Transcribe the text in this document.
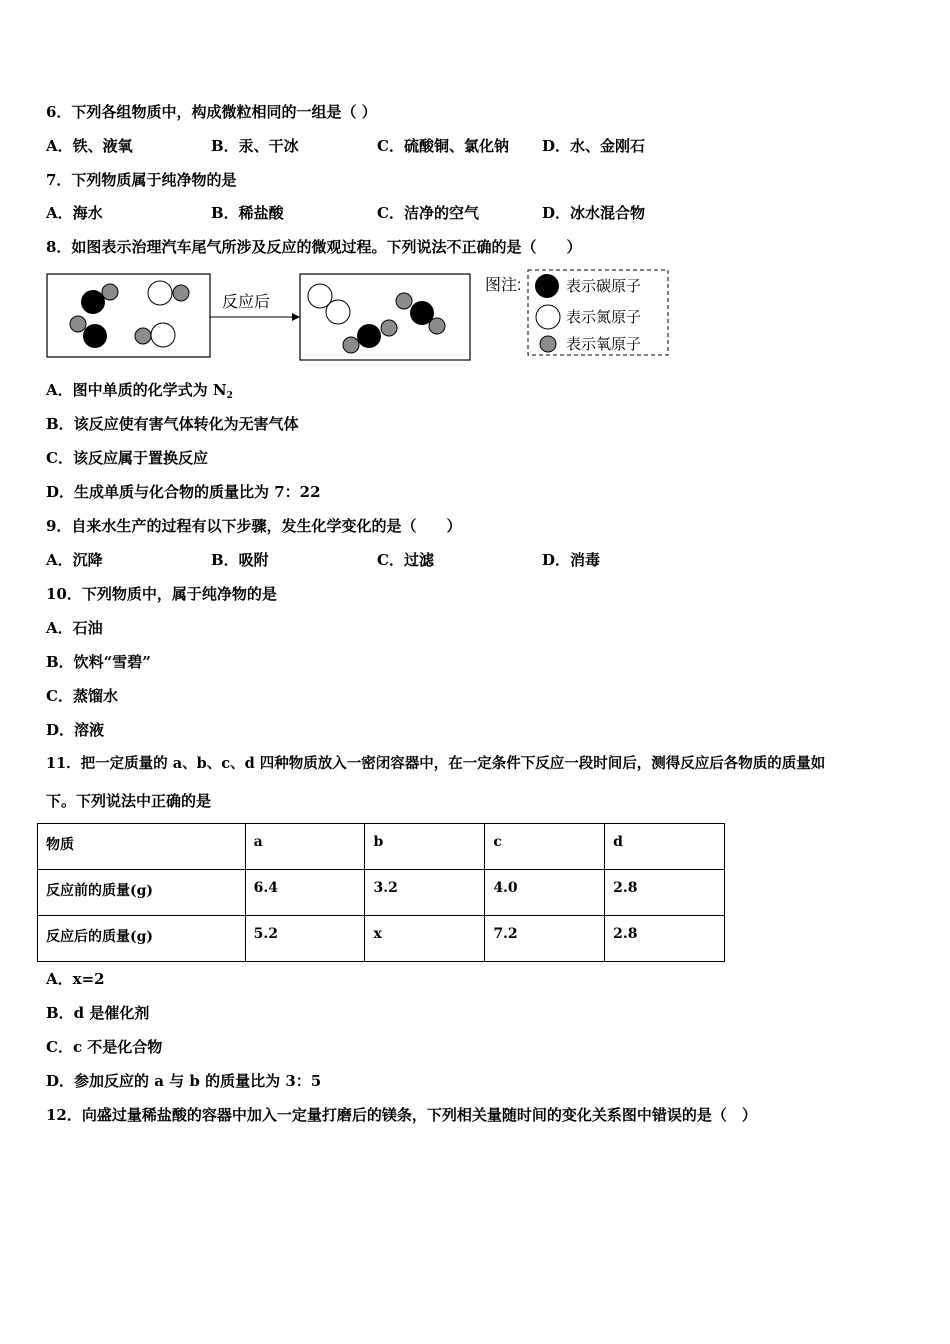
6．下列各组物质中，构成微粒相同的一组是（ ）
A．铁、液氧	B．汞、干冰	C．硫酸铜、氯化钠 D．水、金刚石
7．下列物质属于纯净物的是
A．海水	B．稀盐酸	C．洁净的空气	D．冰水混合物
8．如图表示治理汽车尾气所涉及反应的微观过程。下列说法不正确的是（　　）
反应后
图注:	表示碳原子
表示氮原子
表示氧原子
A．图中单质的化学式为 $N_2$
B．该反应使有害气体转化为无害气体
C．该反应属于置换反应
D．生成单质与化合物的质量比为 7：22
9．自来水生产的过程有以下步骤，发生化学变化的是（　　）
A．沉降	B．吸附	C．过滤	D．消毒
10．下列物质中，属于纯净物的是
A．石油
B．饮料“雪碧”
C．蒸馏水
D．溶液
11．把一定质量的 a、b、c、d 四种物质放入一密闭容器中，在一定条件下反应一段时间后，测得反应后各物质的质量如
下。下列说法中正确的是
物质	a	b	c	d
反应前的质量(g)	6.4	3.2	4.0	2.8
反应后的质量(g)	5.2	x	7.2	2.8
A．x=2
B．d 是催化剂
C．c 不是化合物
D．参加反应的 a 与 b 的质量比为 3：5
12．向盛过量稀盐酸的容器中加入一定量打磨后的镁条，下列相关量随时间的变化关系图中错误的是（　）
